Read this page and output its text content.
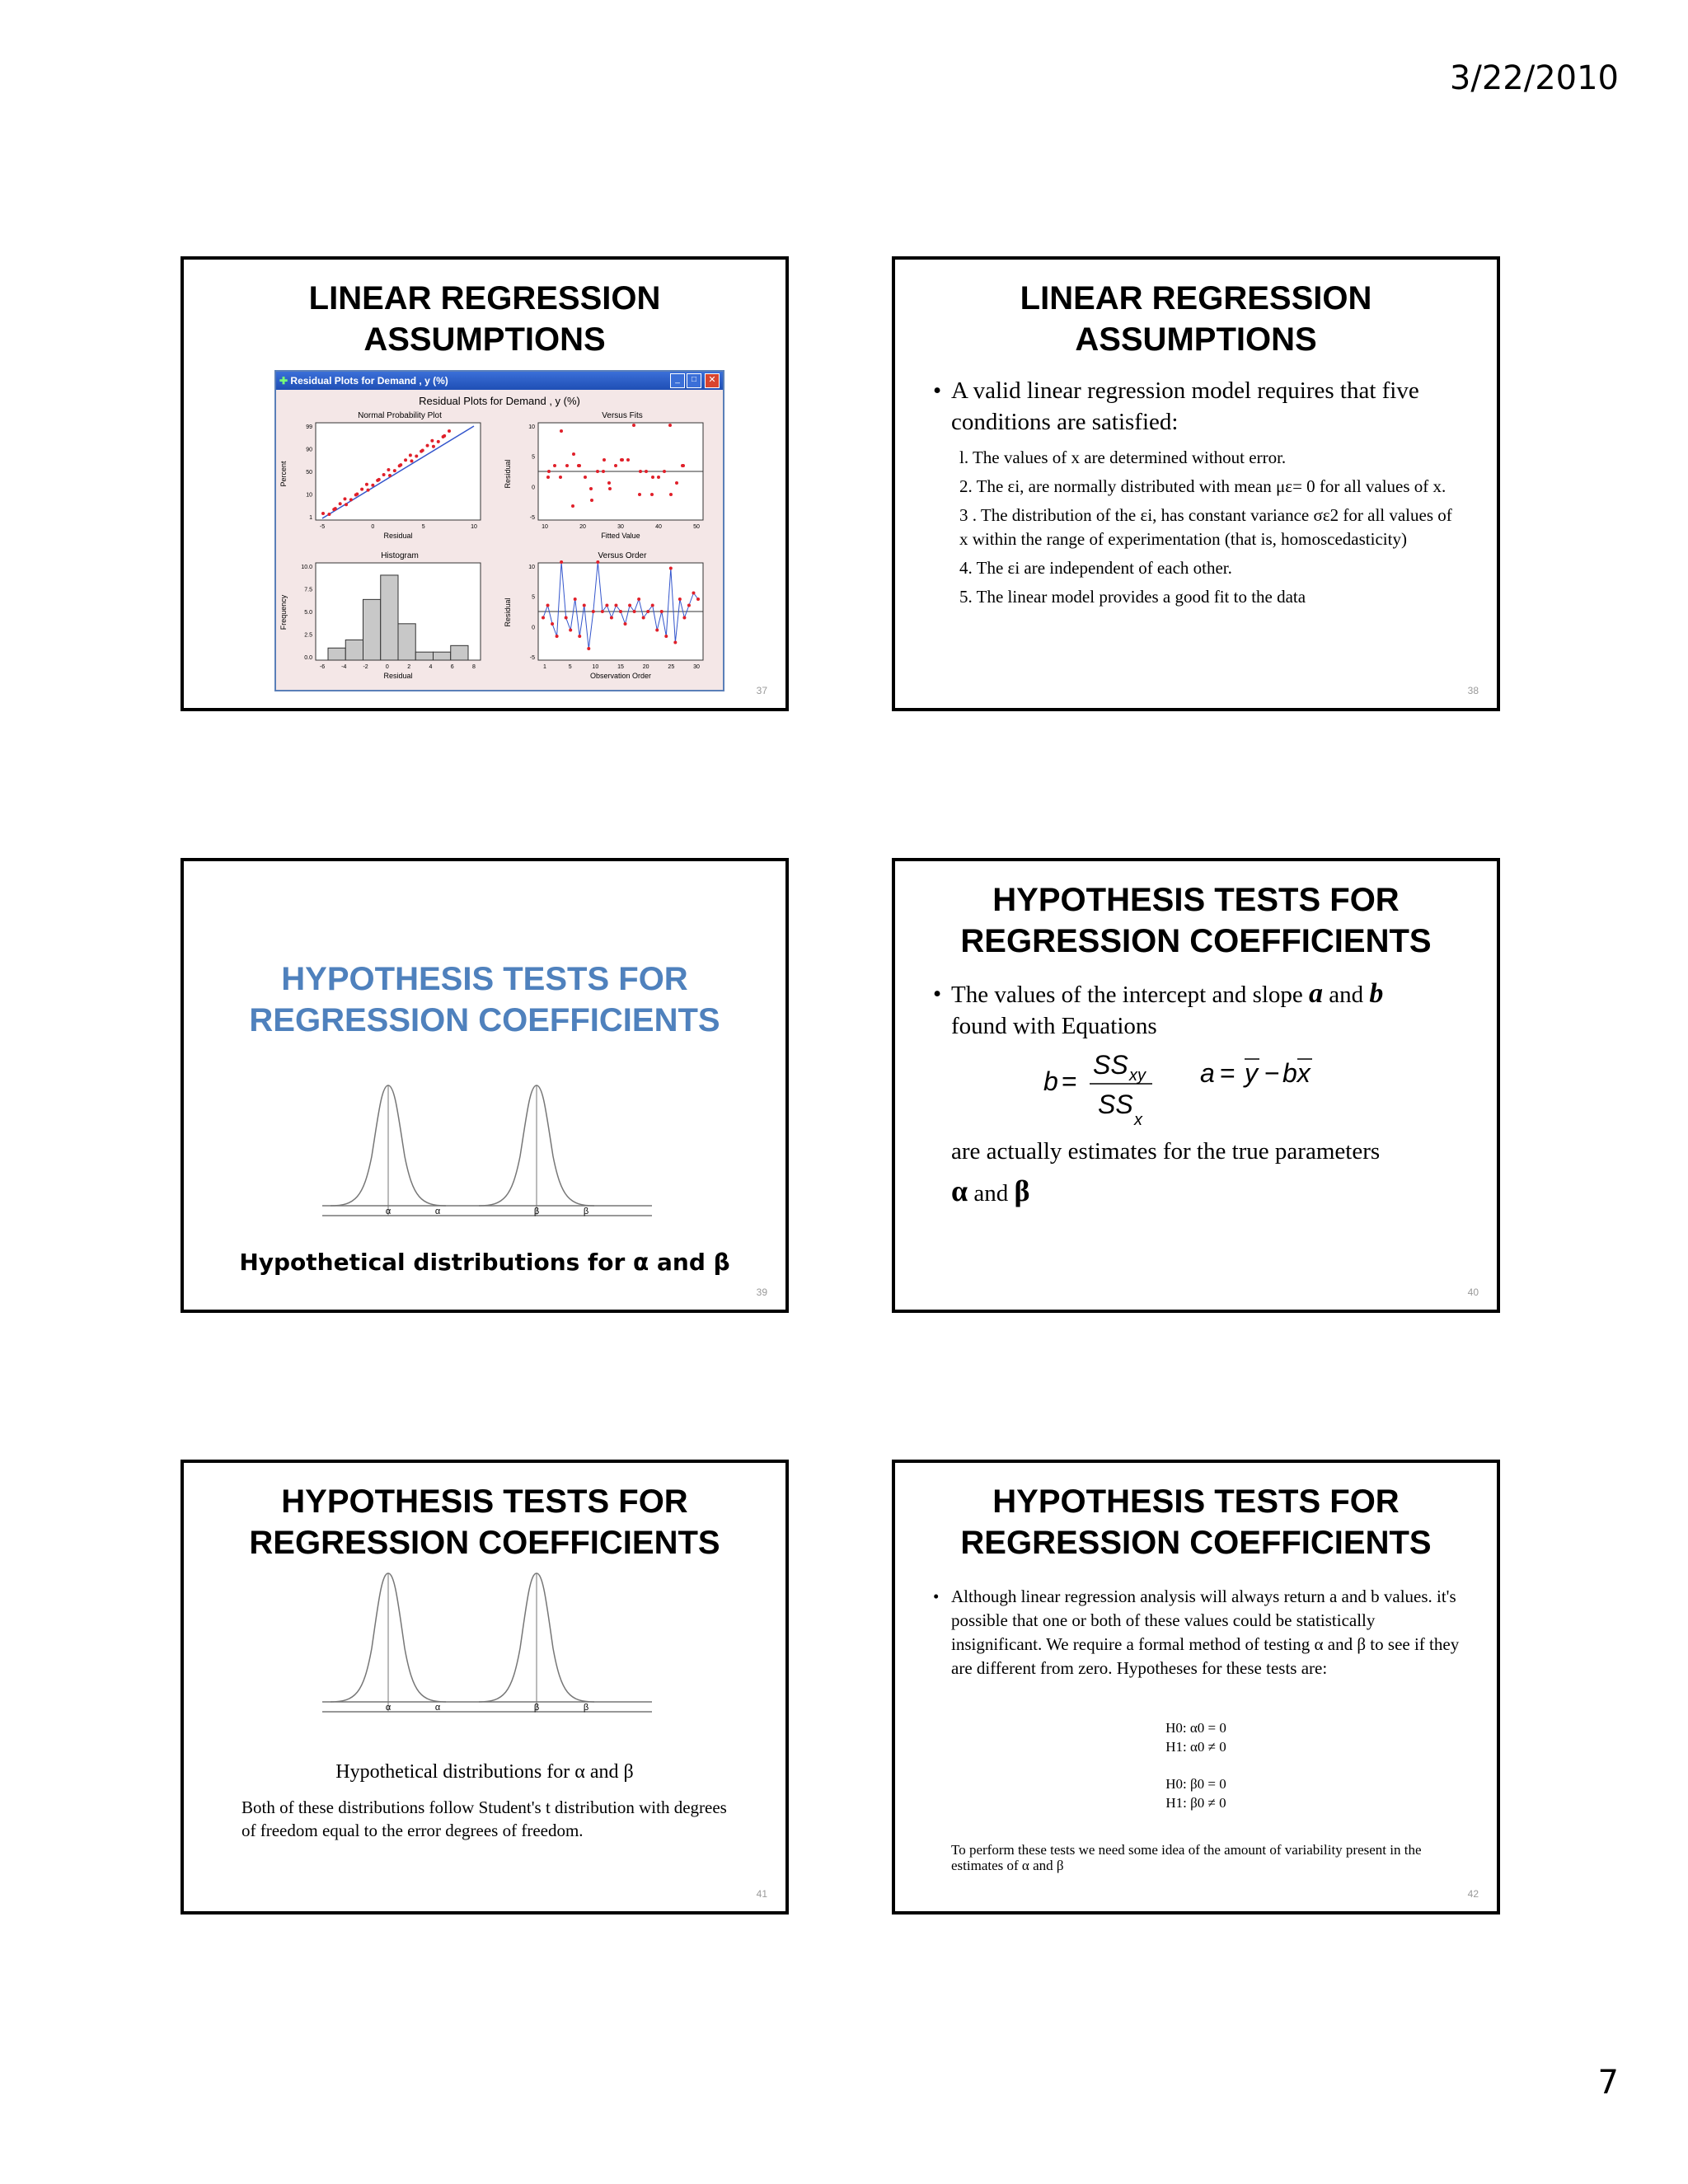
3/22/2010
LINEAR REGRESSION ASSUMPTIONS
✚ Residual Plots for Demand , y (%)	_	□	✕
Residual Plots for Demand , y (%)
Normal Probability Plot
Percent
Residual
99
90
50
10
1
-5	0	5	10
Versus Fits
Residual
Fitted Value
10
5
0
-5
10	20	30	40	50
Histogram
Frequency
Residual
10.0
7.5
5.0
2.5
0.0
-6	-4	-2	0	2	4	6	8
Versus Order
Residual
Observation Order
10
5
0
-5
1	5	10	15	20	25	30
37
LINEAR REGRESSION ASSUMPTIONS
• A valid linear regression model requires that five conditions are satisfied:
l. The values of x are determined without error.
2. The εi, are normally distributed with mean με= 0 for all values of x.
3 . The distribution of the εi, has constant variance σε2 for all values of x within the range of experimentation (that is, homoscedasticity)
4. The εi are independent of each other.
5. The linear model provides a good fit to the data
38
HYPOTHESIS TESTS FOR REGRESSION COEFFICIENTS
α	α	β	β
Hypothetical distributions for α and β
39
HYPOTHESIS TESTS FOR REGRESSION COEFFICIENTS
• The values of the intercept and slope a and b
found with Equations
b =
SS xy
SS
x
a = y − bx
are actually estimates for the true parameters
α and β
40
HYPOTHESIS TESTS FOR REGRESSION COEFFICIENTS
α	α	β	β
Hypothetical distributions for α and β
Both of these distributions follow Student's t distribution with degrees of freedom equal to the error degrees of freedom.
41
HYPOTHESIS TESTS FOR REGRESSION COEFFICIENTS
• Although linear regression analysis will always return a and b values. it's possible that one or both of these values could be statistically insignificant. We require a formal method of testing α and β to see if they are different from zero. Hypotheses for these tests are:
H0: α0 = 0
H1: α0 ≠ 0
H0: β0 = 0
H1: β0 ≠ 0
To perform these tests we need some idea of the amount of variability present in the estimates of α and β
42
7
